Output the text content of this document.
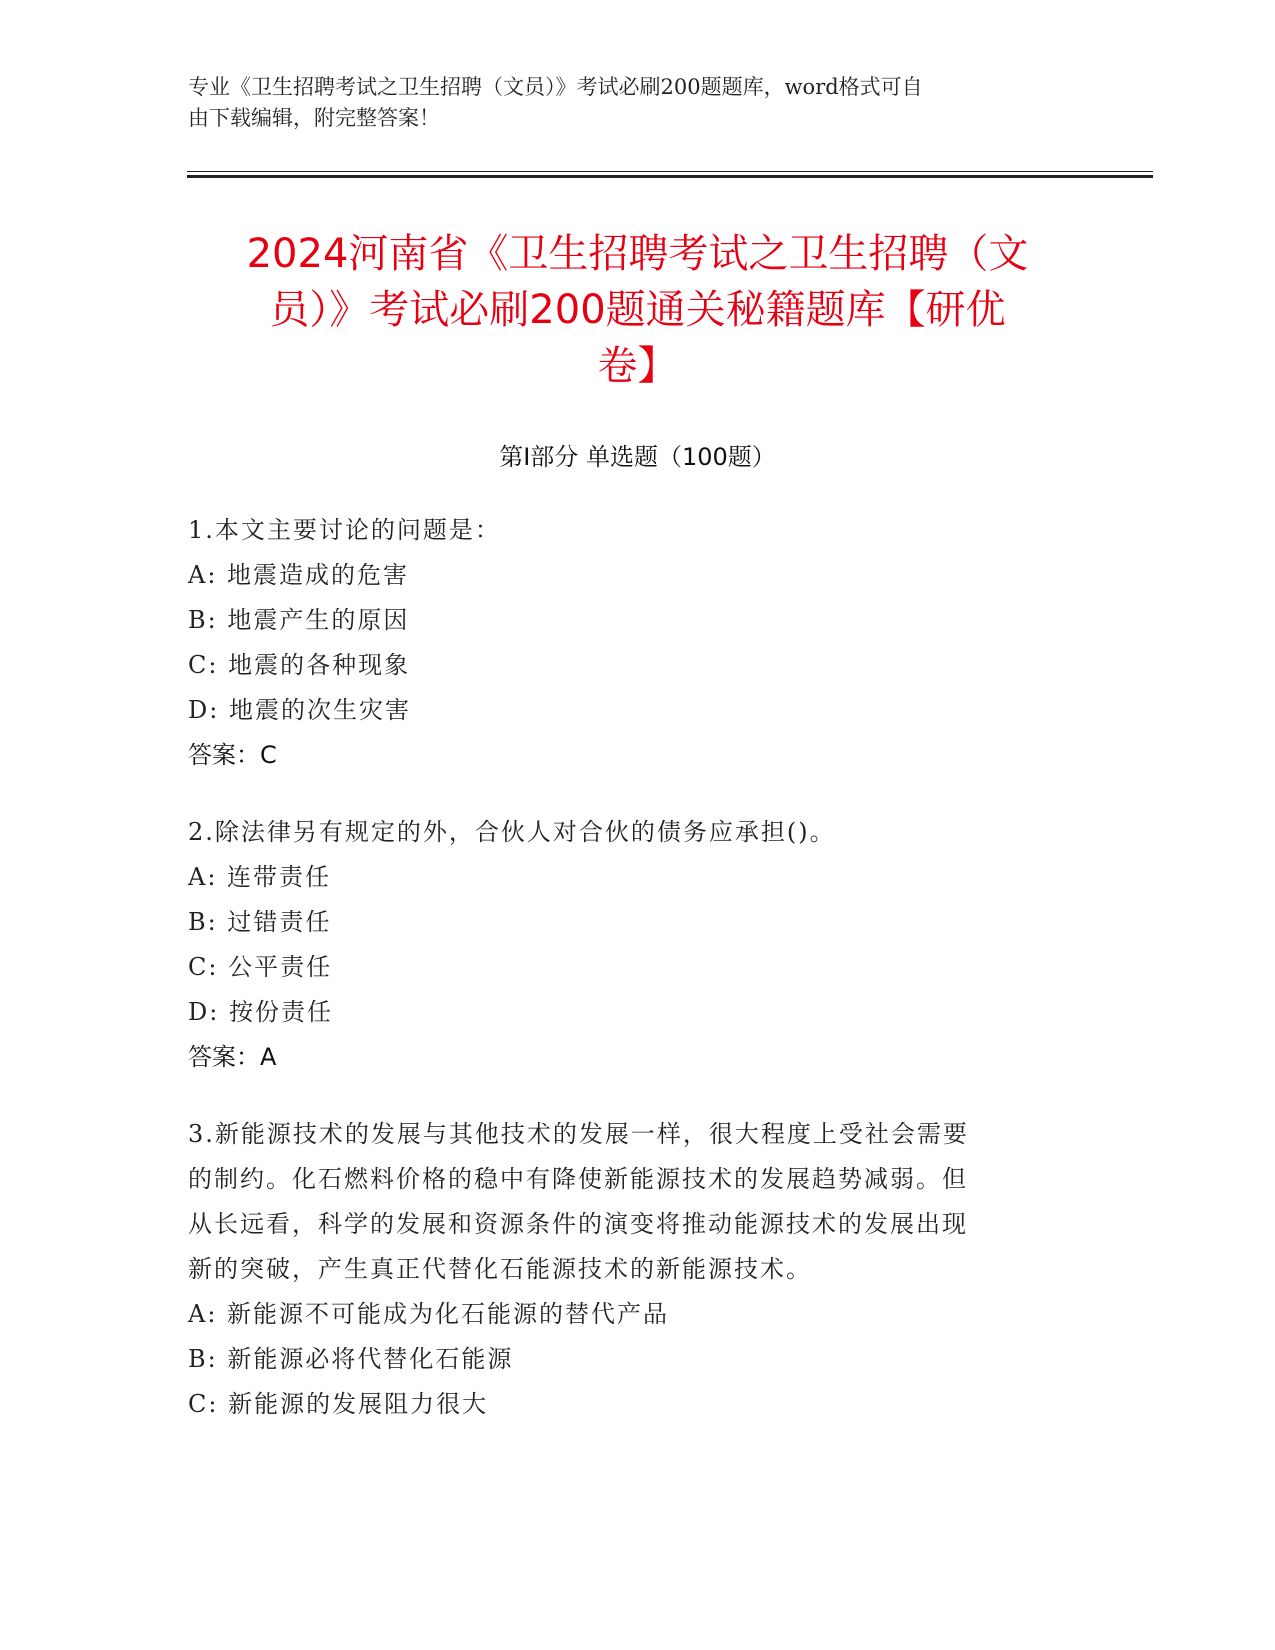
专业《卫生招聘考试之卫生招聘（文员）》考试必刷200题题库，word格式可自
由下载编辑，附完整答案！
2024河南省《卫生招聘考试之卫生招聘（文
员）》考试必刷200题通关秘籍题库【研优
卷】
第Ⅰ部分 单选题（100题）
1.本文主要讨论的问题是：
A: 地震造成的危害
B: 地震产生的原因
C: 地震的各种现象
D: 地震的次生灾害
答案：C
2.除法律另有规定的外，合伙人对合伙的债务应承担()。
A: 连带责任
B: 过错责任
C: 公平责任
D: 按份责任
答案：A
3.新能源技术的发展与其他技术的发展一样，很大程度上受社会需要
的制约。化石燃料价格的稳中有降使新能源技术的发展趋势减弱。但
从长远看，科学的发展和资源条件的演变将推动能源技术的发展出现
新的突破，产生真正代替化石能源技术的新能源技术。
A: 新能源不可能成为化石能源的替代产品
B: 新能源必将代替化石能源
C: 新能源的发展阻力很大
